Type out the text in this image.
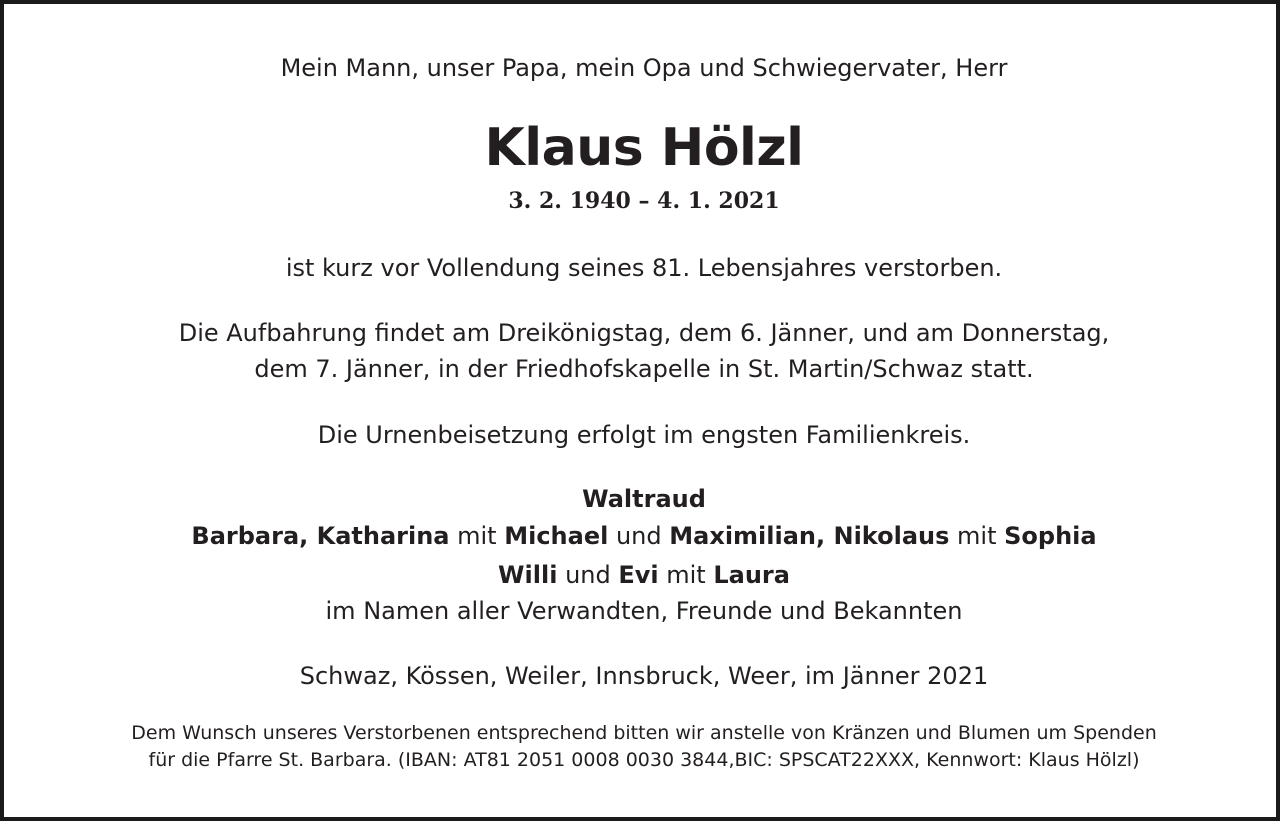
Mein Mann, unser Papa, mein Opa und Schwiegervater, Herr
Klaus Hölzl
3. 2. 1940 – 4. 1. 2021
ist kurz vor Vollendung seines 81. Lebensjahres verstorben.
Die Aufbahrung findet am Dreikönigstag, dem 6. Jänner, und am Donnerstag,
dem 7. Jänner, in der Friedhofskapelle in St. Martin/Schwaz statt.
Die Urnenbeisetzung erfolgt im engsten Familienkreis.
Waltraud
Barbara, Katharina mit Michael und Maximilian, Nikolaus mit Sophia
Willi und Evi mit Laura
im Namen aller Verwandten, Freunde und Bekannten
Schwaz, Kössen, Weiler, Innsbruck, Weer, im Jänner 2021
Dem Wunsch unseres Verstorbenen entsprechend bitten wir anstelle von Kränzen und Blumen um Spenden
für die Pfarre St. Barbara. (IBAN: AT81 2051 0008 0030 3844,BIC: SPSCAT22XXX, Kennwort: Klaus Hölzl)
